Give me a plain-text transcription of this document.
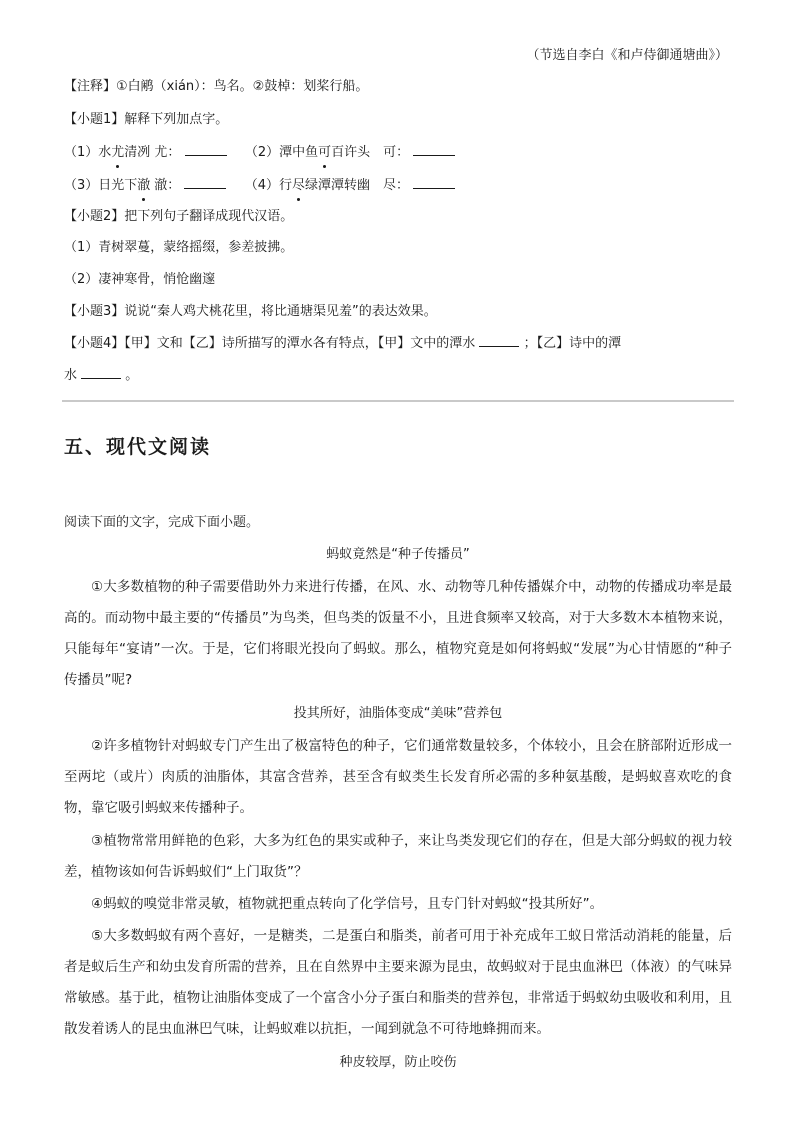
（节选自李白《和卢侍御通塘曲》）
【注释】①白鹇（xián）：鸟名。②鼓棹：划桨行船。
【小题1】解释下列加点字。
（1）水尤清冽 尤：	（2）潭中鱼可百许头　可：
（3）日光下澈 澈：	（4）行尽绿潭潭转幽　尽：
【小题2】把下列句子翻译成现代汉语。
（1）青树翠蔓，蒙络摇缀，参差披拂。
（2）凄神寒骨，悄怆幽邃
【小题3】说说“秦人鸡犬桃花里，将比通塘渠见羞”的表达效果。
【小题4】【甲】文和【乙】诗所描写的潭水各有特点，【甲】文中的潭水	；【乙】诗中的潭
水	。
五、现代文阅读
阅读下面的文字，完成下面小题。
蚂蚁竟然是“种子传播员”
①大多数植物的种子需要借助外力来进行传播，在风、水、动物等几种传播媒介中，动物的传播成功率是最高的。而动物中最主要的“传播员”为鸟类，但鸟类的饭量不小，且进食频率又较高，对于大多数木本植物来说，只能每年“宴请”一次。于是，它们将眼光投向了蚂蚁。那么，植物究竟是如何将蚂蚁“发展”为心甘情愿的“种子传播员”呢?
投其所好，油脂体变成“美味”营养包
②许多植物针对蚂蚁专门产生出了极富特色的种子，它们通常数量较多，个体较小，且会在脐部附近形成一至两坨（或片）肉质的油脂体，其富含营养，甚至含有蚁类生长发育所必需的多种氨基酸，是蚂蚁喜欢吃的食物，靠它吸引蚂蚁来传播种子。
③植物常常用鲜艳的色彩，大多为红色的果实或种子，来让鸟类发现它们的存在，但是大部分蚂蚁的视力较差，植物该如何告诉蚂蚁们“上门取货”？
④蚂蚁的嗅觉非常灵敏，植物就把重点转向了化学信号，且专门针对蚂蚁“投其所好”。
⑤大多数蚂蚁有两个喜好，一是糖类，二是蛋白和脂类，前者可用于补充成年工蚁日常活动消耗的能量，后者是蚁后生产和幼虫发育所需的营养，且在自然界中主要来源为昆虫，故蚂蚁对于昆虫血淋巴（体液）的气味异常敏感。基于此，植物让油脂体变成了一个富含小分子蛋白和脂类的营养包，非常适于蚂蚁幼虫吸收和利用，且散发着诱人的昆虫血淋巴气味，让蚂蚁难以抗拒，一闻到就急不可待地蜂拥而来。
种皮较厚，防止咬伤
